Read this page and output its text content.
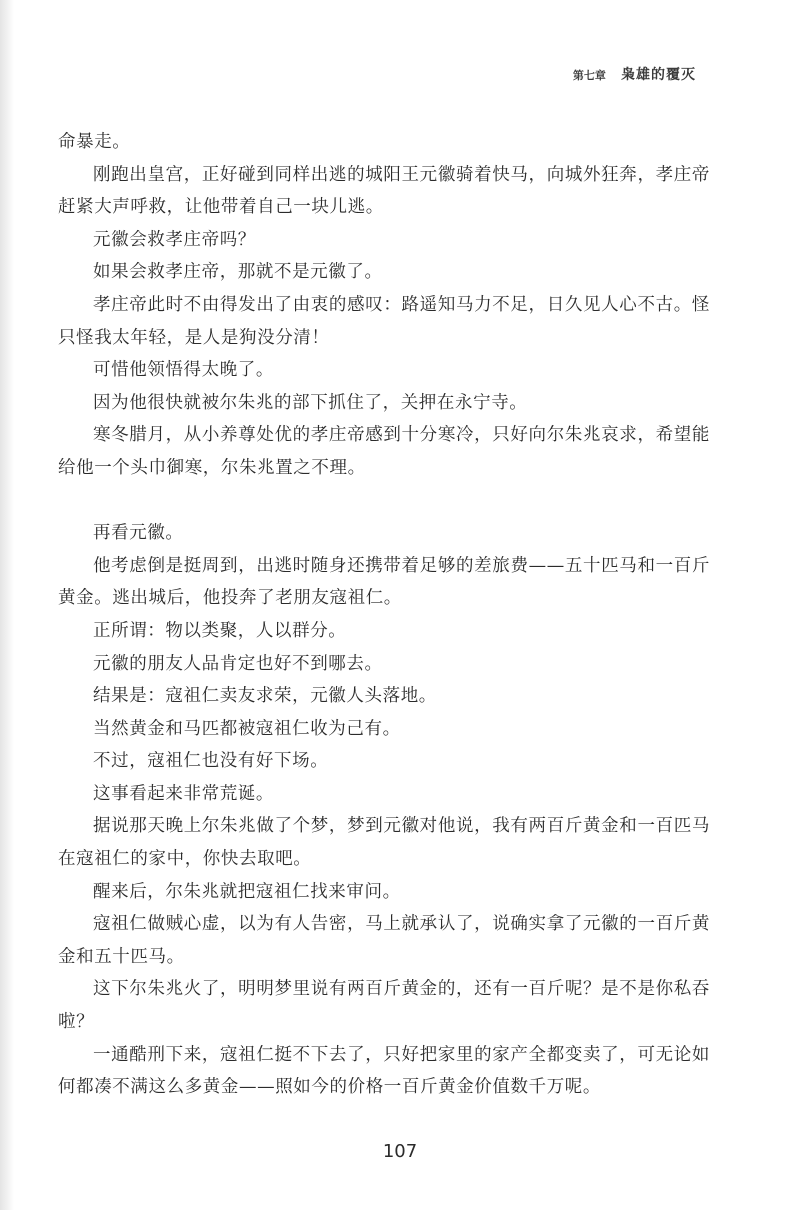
第七章 枭雄的覆灭

命暴走。

刚跑出皇宫，正好碰到同样出逃的城阳王元徽骑着快马，向城外狂奔，孝庄帝赶紧大声呼救，让他带着自己一块儿逃。

元徽会救孝庄帝吗？

如果会救孝庄帝，那就不是元徽了。

孝庄帝此时不由得发出了由衷的感叹：路遥知马力不足，日久见人心不古。怪只怪我太年轻，是人是狗没分清！

可惜他领悟得太晚了。

因为他很快就被尔朱兆的部下抓住了，关押在永宁寺。

寒冬腊月，从小养尊处优的孝庄帝感到十分寒冷，只好向尔朱兆哀求，希望能给他一个头巾御寒，尔朱兆置之不理。

再看元徽。

他考虑倒是挺周到，出逃时随身还携带着足够的差旅费——五十匹马和一百斤黄金。逃出城后，他投奔了老朋友寇祖仁。

正所谓：物以类聚，人以群分。

元徽的朋友人品肯定也好不到哪去。

结果是：寇祖仁卖友求荣，元徽人头落地。

当然黄金和马匹都被寇祖仁收为己有。

不过，寇祖仁也没有好下场。

这事看起来非常荒诞。

据说那天晚上尔朱兆做了个梦，梦到元徽对他说，我有两百斤黄金和一百匹马在寇祖仁的家中，你快去取吧。

醒来后，尔朱兆就把寇祖仁找来审问。

寇祖仁做贼心虚，以为有人告密，马上就承认了，说确实拿了元徽的一百斤黄金和五十匹马。

这下尔朱兆火了，明明梦里说有两百斤黄金的，还有一百斤呢？是不是你私吞啦？

一通酷刑下来，寇祖仁挺不下去了，只好把家里的家产全都变卖了，可无论如何都凑不满这么多黄金——照如今的价格一百斤黄金价值数千万呢。

107
